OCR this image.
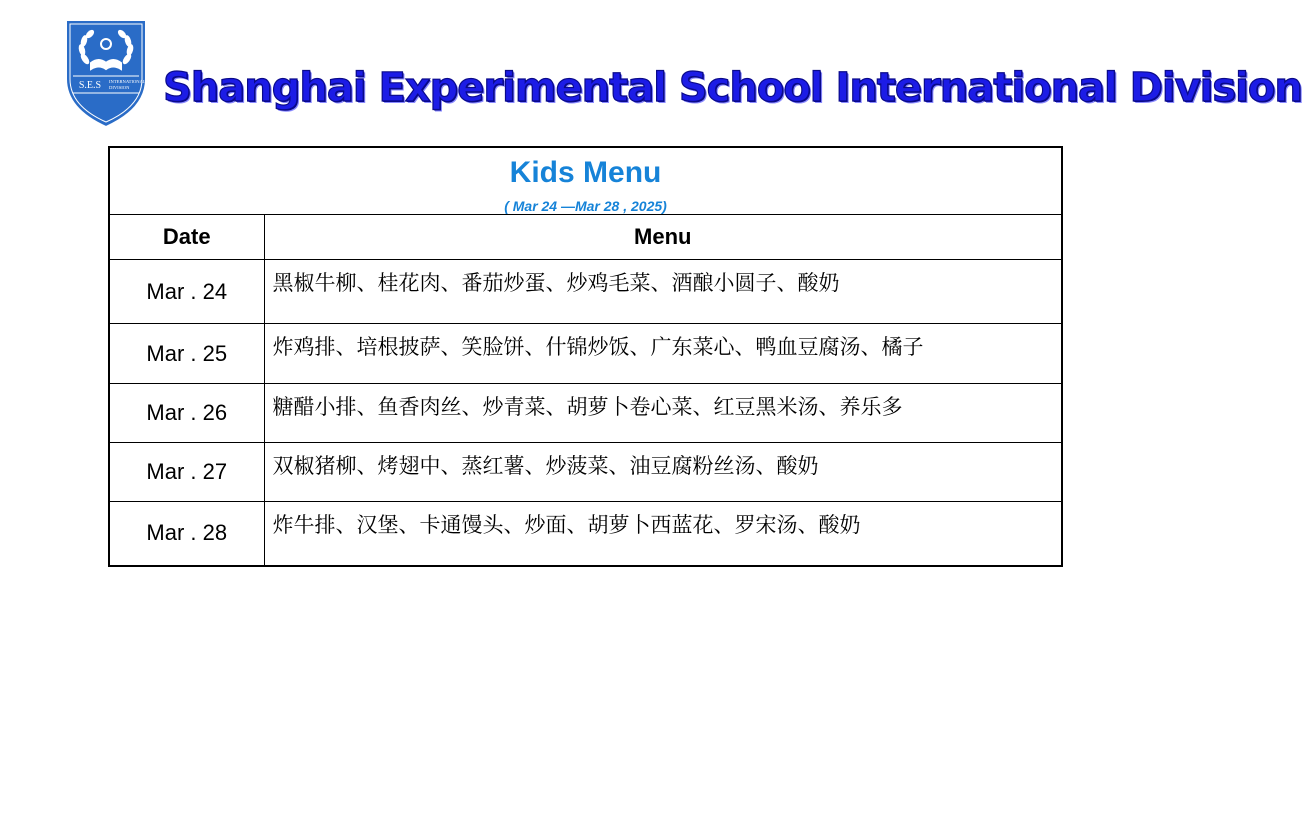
S.E.S INTERNATIONAL
DIVISION Shanghai Experimental School International Division
Kids Menu
( Mar 24 —Mar 28 , 2025)	

Date	Menu
Mar . 24	黑椒牛柳、桂花肉、番茄炒蛋、炒鸡毛菜、酒酿小圆子、酸奶
Mar . 25	炸鸡排、培根披萨、笑脸饼、什锦炒饭、广东菜心、鸭血豆腐汤、橘子
Mar . 26	糖醋小排、鱼香肉丝、炒青菜、胡萝卜卷心菜、红豆黑米汤、养乐多
Mar . 27	双椒猪柳、烤翅中、蒸红薯、炒菠菜、油豆腐粉丝汤、酸奶
Mar . 28	炸牛排、汉堡、卡通馒头、炒面、胡萝卜西蓝花、罗宋汤、酸奶
